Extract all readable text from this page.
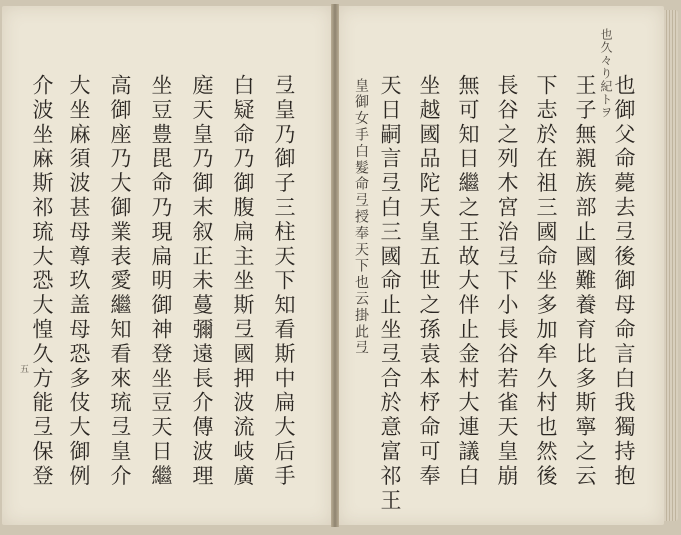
弖皇乃御子三柱天下知看斯中扁大后手
白疑命乃御腹扁主坐斯弖國押波流岐廣
庭天皇乃御末叙正未蔓彌遠長介傳波理
坐豆豊毘命乃現扁明御神登坐豆天日繼
高御座乃大御業表愛繼知看來琉弖皇介
大坐麻須波甚母尊玖盖母恐多伎大御例
介波坐麻斯祁琉大恐大惶久方能弖保登
五
也久々り紀トヲ
也御父命薨去弖後御母命言白我獨持抱
王子無親族部止國難養育比多斯寧之云
下志於在祖三國命坐多加牟久村也然後
長谷之列木宮治弖下小長谷若雀天皇崩
無可知日繼之王故大伴止金村大連議白
坐越國品陀天皇五世之孫袁本杼命可奉
天日嗣言弖白三國命止坐弖合於意富祁王
皇御女手白髮命弖授奉天下也云掛此弖
